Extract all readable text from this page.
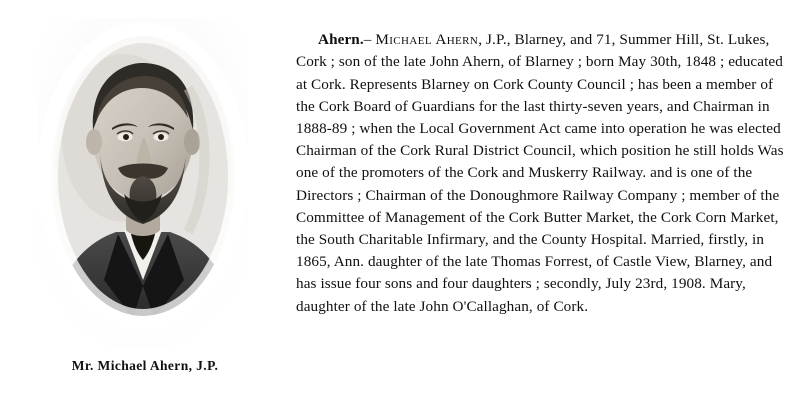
Mr. Michael Ahern, J.P.

Ahern.– Michael Ahern, J.P., Blarney, and 71, Summer Hill, St. Lukes, Cork ; son of the late John Ahern, of Blarney ; born May 30th, 1848 ; educated at Cork. Represents Blarney on Cork County Council ; has been a member of the Cork Board of Guardians for the last thirty-seven years, and Chairman in 1888-89 ; when the Local Government Act came into operation he was elected Chairman of the Cork Rural District Council, which position he still holds Was one of the promoters of the Cork and Muskerry Railway. and is one of the Directors ; Chairman of the Donoughmore Railway Company ; member of the Committee of Management of the Cork Butter Market, the Cork Corn Market, the South Charitable Infirmary, and the County Hospital. Married, firstly, in 1865, Ann. daughter of the late Thomas Forrest, of Castle View, Blarney, and has issue four sons and four daughters ; secondly, July 23rd, 1908. Mary, daughter of the late John O'Callaghan, of Cork.
